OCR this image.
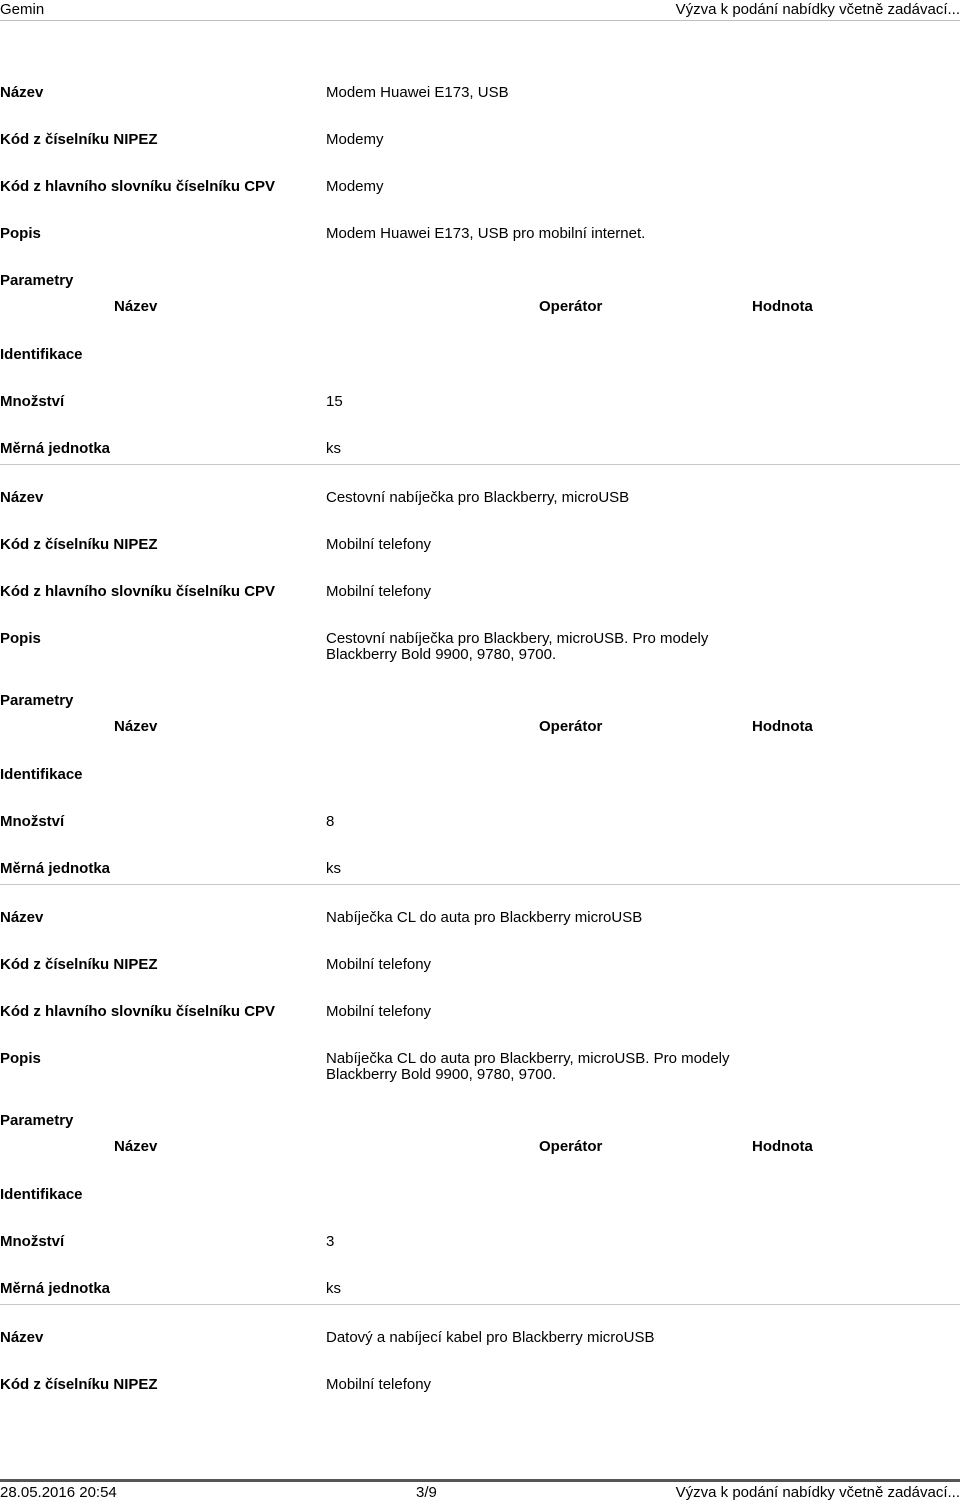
Gemin	Výzva k podání nabídky včetně zadávací...
Název	Modem Huawei E173, USB
Kód z číselníku NIPEZ	Modemy
Kód z hlavního slovníku číselníku CPV	Modemy
Popis	Modem Huawei E173, USB pro mobilní internet.
Parametry
Název	Operátor	Hodnota
Identifikace
Množství	15
Měrná jednotka	ks
Název	Cestovní nabíječka pro Blackberry, microUSB
Kód z číselníku NIPEZ	Mobilní telefony
Kód z hlavního slovníku číselníku CPV	Mobilní telefony
Popis	Cestovní nabíječka pro Blackbery, microUSB. Pro modely Blackberry Bold 9900, 9780, 9700.
Parametry
Název	Operátor	Hodnota
Identifikace
Množství	8
Měrná jednotka	ks
Název	Nabíječka CL do auta pro Blackberry microUSB
Kód z číselníku NIPEZ	Mobilní telefony
Kód z hlavního slovníku číselníku CPV	Mobilní telefony
Popis	Nabíječka CL do auta pro Blackberry, microUSB. Pro modely Blackberry Bold 9900, 9780, 9700.
Parametry
Název	Operátor	Hodnota
Identifikace
Množství	3
Měrná jednotka	ks
Název	Datový a nabíjecí kabel pro Blackberry microUSB
Kód z číselníku NIPEZ	Mobilní telefony
28.05.2016 20:54	3/9	Výzva k podání nabídky včetně zadávací...
